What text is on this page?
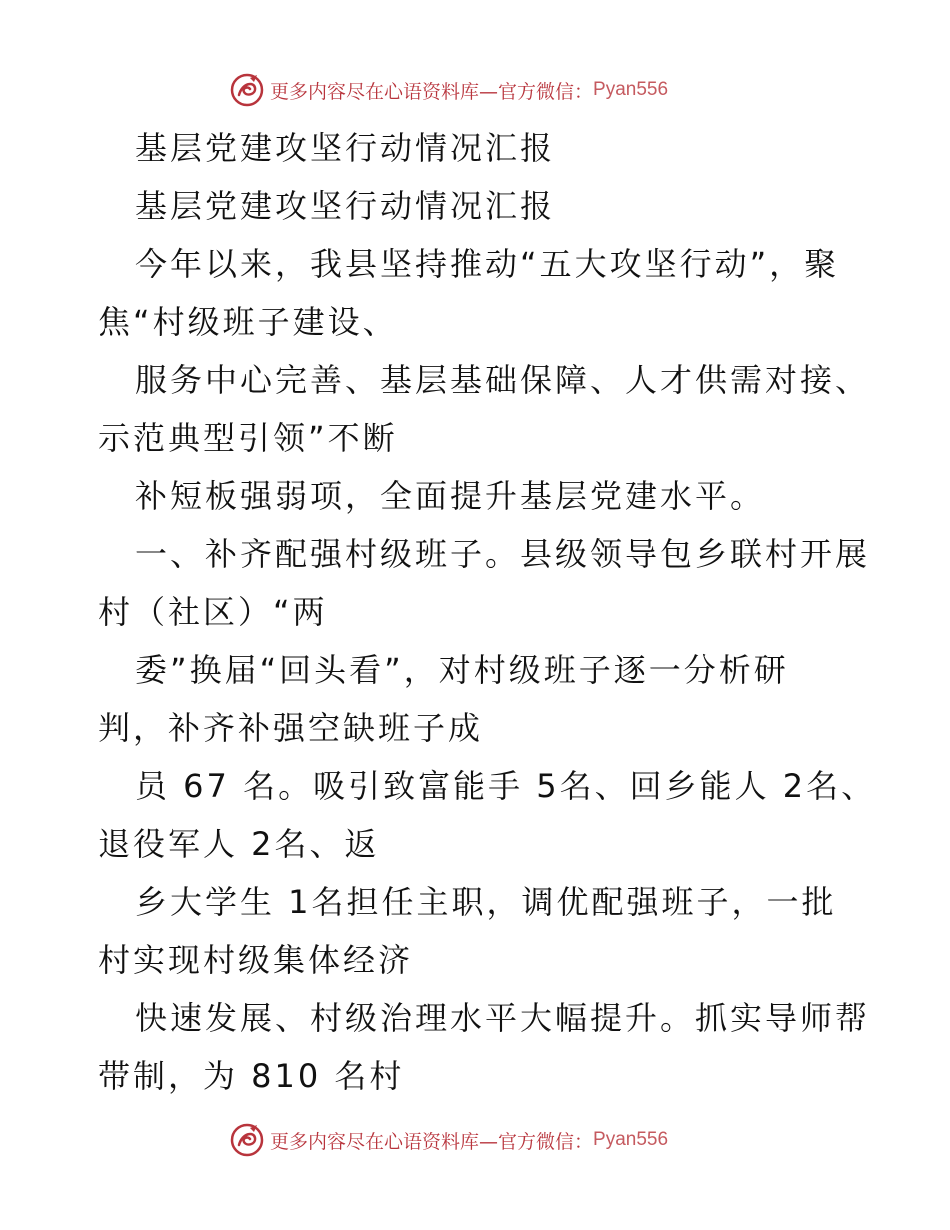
更多内容尽在心语资料库—官方微信： Pyan556
基层党建攻坚行动情况汇报
基层党建攻坚行动情况汇报
今年以来，我县坚持推动“五大攻坚行动”，聚
焦“村级班子建设、
服务中心完善、基层基础保障、人才供需对接、
示范典型引领”不断
补短板强弱项，全面提升基层党建水平。
一、补齐配强村级班子。县级领导包乡联村开展
村（社区）“两
委”换届“回头看”，对村级班子逐一分析研
判，补齐补强空缺班子成
员 67 名。吸引致富能手 5名、回乡能人 2名、
退役军人 2名、返
乡大学生 1名担任主职，调优配强班子，一批
村实现村级集体经济
快速发展、村级治理水平大幅提升。抓实导师帮
带制，为 810 名村
更多内容尽在心语资料库—官方微信： Pyan556
